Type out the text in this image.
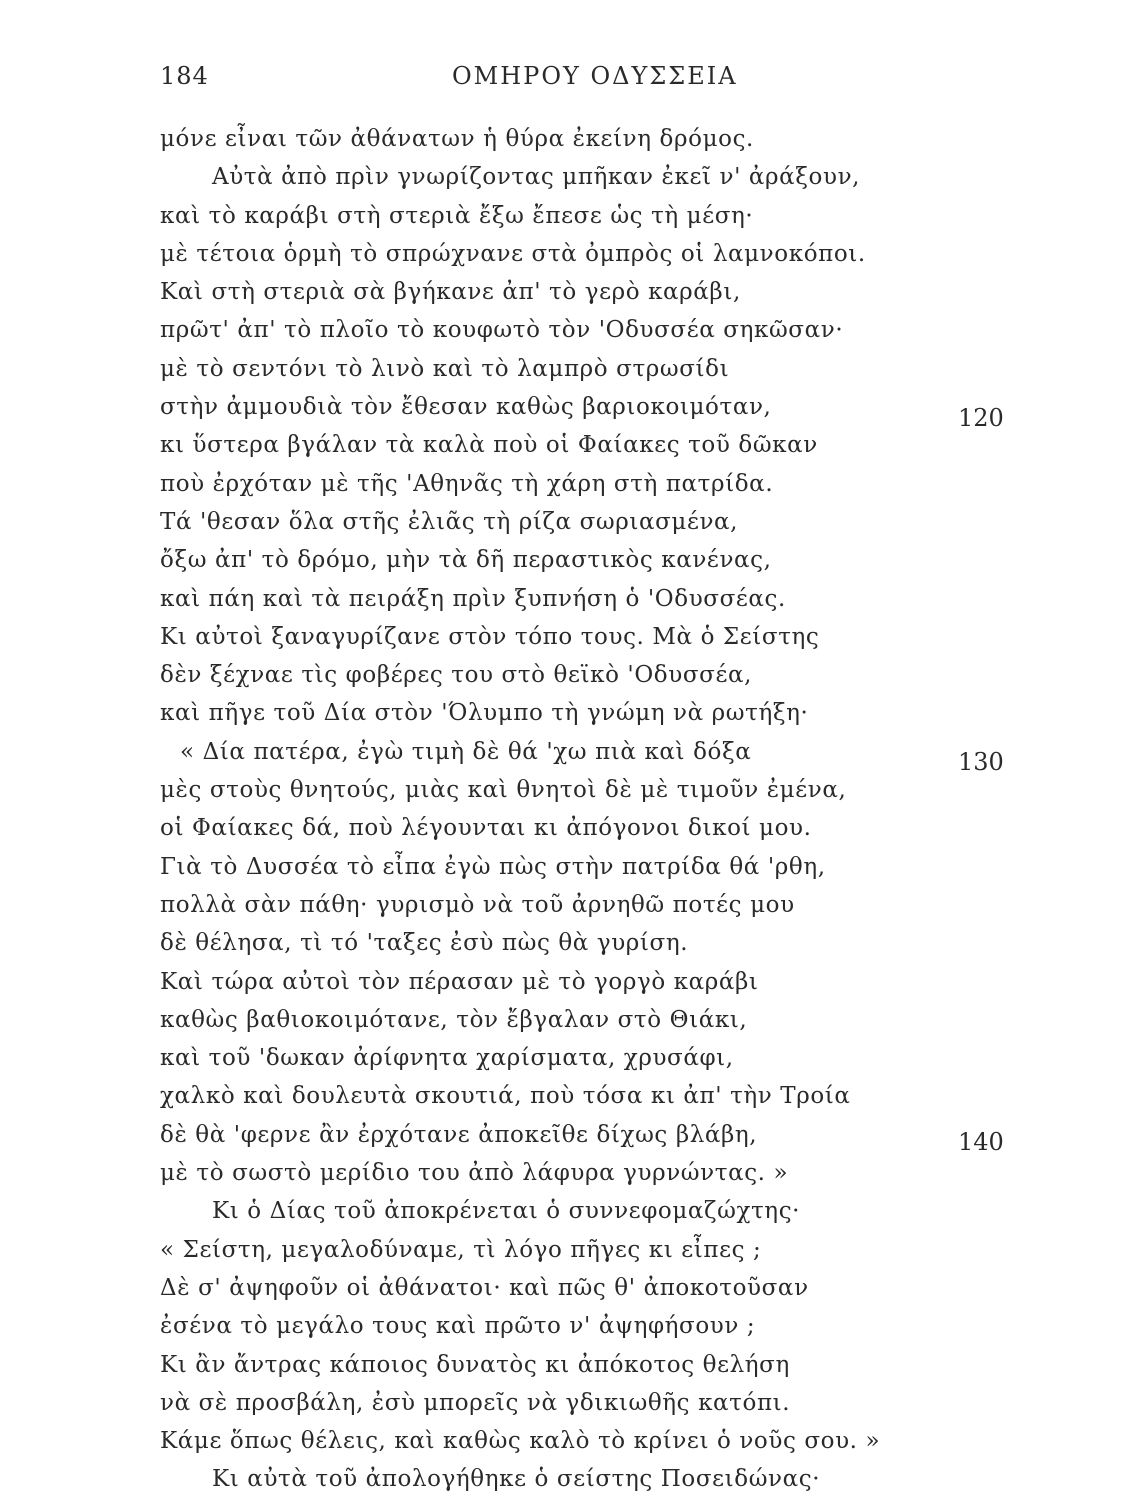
184	ΟΜΗΡΟΥ ΟΔΥΣΣΕΙΑ
μόνε εἶναι τῶν ἀθάνατων ἡ θύρα ἐκείνη δρόμος.
Αὐτὰ ἀπὸ πρὶν γνωρίζοντας μπῆκαν ἐκεῖ ν' ἀράξουν,
καὶ τὸ καράβι στὴ στεριὰ ἔξω ἔπεσε ὡς τὴ μέση·
μὲ τέτοια ὁρμὴ τὸ σπρώχνανε στὰ ὀμπρὸς οἱ λαμνοκόποι.
Καὶ στὴ στεριὰ σὰ βγήκανε ἀπ' τὸ γερὸ καράβι,
πρῶτ' ἀπ' τὸ πλοῖο τὸ κουφωτὸ τὸν 'Οδυσσέα σηκῶσαν·
μὲ τὸ σεντόνι τὸ λινὸ καὶ τὸ λαμπρὸ στρωσίδι
στὴν ἀμμουδιὰ τὸν ἔθεσαν καθὼς βαριοκοιμόταν,
κι ὕστερα βγάλαν τὰ καλὰ ποὺ οἱ Φαίακες τοῦ δῶκαν
ποὺ ἐρχόταν μὲ τῆς 'Αθηνᾶς τὴ χάρη στὴ πατρίδα.
Τά 'θεσαν ὅλα στῆς ἐλιᾶς τὴ ρίζα σωριασμένα,
ὄξω ἀπ' τὸ δρόμο, μὴν τὰ δῆ περαστικὸς κανένας,
καὶ πάη καὶ τὰ πειράξη πρὶν ξυπνήση ὁ 'Οδυσσέας.
Κι αὐτοὶ ξαναγυρίζανε στὸν τόπο τους. Μὰ ὁ Σείστης
δὲν ξέχναε τὶς φοβέρες του στὸ θεϊκὸ 'Οδυσσέα,
καὶ πῆγε τοῦ Δία στὸν 'Όλυμπο τὴ γνώμη νὰ ρωτήξη·
« Δία πατέρα, ἐγὼ τιμὴ δὲ θά 'χω πιὰ καὶ δόξα
μὲς στοὺς θνητούς, μιὰς καὶ θνητοὶ δὲ μὲ τιμοῦν ἐμένα,
οἱ Φαίακες δά, ποὺ λέγουνται κι ἀπόγονοι δικοί μου.
Γιὰ τὸ Δυσσέα τὸ εἶπα ἐγὼ πὼς στὴν πατρίδα θά 'ρθη,
πολλὰ σὰν πάθη· γυρισμὸ νὰ τοῦ ἀρνηθῶ ποτές μου
δὲ θέλησα, τὶ τό 'ταξες ἐσὺ πὼς θὰ γυρίση.
Καὶ τώρα αὐτοὶ τὸν πέρασαν μὲ τὸ γοργὸ καράβι
καθὼς βαθιοκοιμότανε, τὸν ἔβγαλαν στὸ Θιάκι,
καὶ τοῦ 'δωκαν ἀρίφνητα χαρίσματα, χρυσάφι,
χαλκὸ καὶ δουλευτὰ σκουτιά, ποὺ τόσα κι ἀπ' τὴν Τροία
δὲ θὰ 'φερνε ἂν ἐρχότανε ἀποκεῖθε δίχως βλάβη,
μὲ τὸ σωστὸ μερίδιο του ἀπὸ λάφυρα γυρνώντας. »
Κι ὁ Δίας τοῦ ἀποκρένεται ὁ συννεφομαζώχτης·
« Σείστη, μεγαλοδύναμε, τὶ λόγο πῆγες κι εἶπες ;
Δὲ σ' ἀψηφοῦν οἱ ἀθάνατοι· καὶ πῶς θ' ἀποκοτοῦσαν
ἐσένα τὸ μεγάλο τους καὶ πρῶτο ν' ἀψηφήσουν ;
Κι ἂν ἄντρας κάποιος δυνατὸς κι ἀπόκοτος θελήση
νὰ σὲ προσβάλη, ἐσὺ μπορεῖς νὰ γδικιωθῆς κατόπι.
Κάμε ὅπως θέλεις, καὶ καθὼς καλὸ τὸ κρίνει ὁ νοῦς σου. »
Κι αὐτὰ τοῦ ἀπολογήθηκε ὁ σείστης Ποσειδώνας·
120
130
140
